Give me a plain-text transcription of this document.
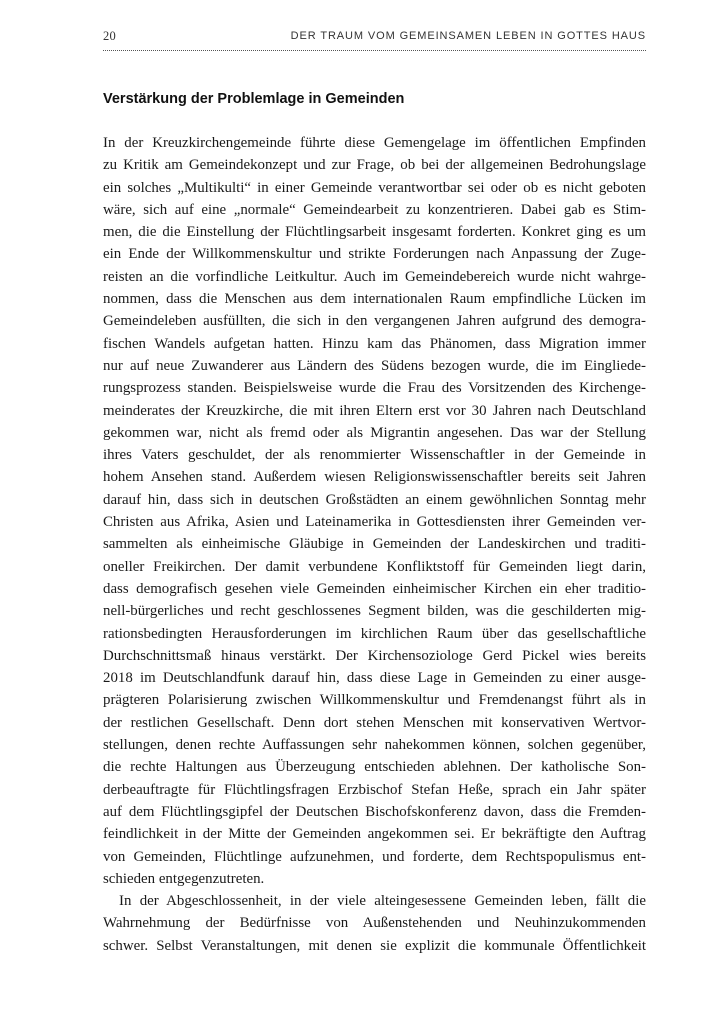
20	DER TRAUM VOM GEMEINSAMEN LEBEN IN GOTTES HAUS
Verstärkung der Problemlage in Gemeinden
In der Kreuzkirchengemeinde führte diese Gemengelage im öffentlichen Empfinden
zu Kritik am Gemeindekonzept und zur Frage, ob bei der allgemeinen Bedrohungslage
ein solches „Multikulti“ in einer Gemeinde verantwortbar sei oder ob es nicht geboten
wäre, sich auf eine „normale“ Gemeindearbeit zu konzentrieren. Dabei gab es Stim-
men, die die Einstellung der Flüchtlingsarbeit insgesamt forderten. Konkret ging es um
ein Ende der Willkommenskultur und strikte Forderungen nach Anpassung der Zuge-
reisten an die vorfindliche Leitkultur. Auch im Gemeindebereich wurde nicht wahrge-
nommen, dass die Menschen aus dem internationalen Raum empfindliche Lücken im
Gemeindeleben ausfüllten, die sich in den vergangenen Jahren aufgrund des demogra-
fischen Wandels aufgetan hatten. Hinzu kam das Phänomen, dass Migration immer
nur auf neue Zuwanderer aus Ländern des Südens bezogen wurde, die im Eingliede-
rungsprozess standen. Beispielsweise wurde die Frau des Vorsitzenden des Kirchenge-
meinderates der Kreuzkirche, die mit ihren Eltern erst vor 30 Jahren nach Deutschland
gekommen war, nicht als fremd oder als Migrantin angesehen. Das war der Stellung
ihres Vaters geschuldet, der als renommierter Wissenschaftler in der Gemeinde in
hohem Ansehen stand. Außerdem wiesen Religionswissenschaftler bereits seit Jahren
darauf hin, dass sich in deutschen Großstädten an einem gewöhnlichen Sonntag mehr
Christen aus Afrika, Asien und Lateinamerika in Gottesdiensten ihrer Gemeinden ver-
sammelten als einheimische Gläubige in Gemeinden der Landeskirchen und traditi-
oneller Freikirchen. Der damit verbundene Konfliktstoff für Gemeinden liegt darin,
dass demografisch gesehen viele Gemeinden einheimischer Kirchen ein eher traditio-
nell-bürgerliches und recht geschlossenes Segment bilden, was die geschilderten mig-
rationsbedingten Herausforderungen im kirchlichen Raum über das gesellschaftliche
Durchschnittsmaß hinaus verstärkt. Der Kirchensoziologe Gerd Pickel wies bereits
2018 im Deutschlandfunk darauf hin, dass diese Lage in Gemeinden zu einer ausge-
prägteren Polarisierung zwischen Willkommenskultur und Fremdenangst führt als in
der restlichen Gesellschaft. Denn dort stehen Menschen mit konservativen Wertvor-
stellungen, denen rechte Auffassungen sehr nahekommen können, solchen gegenüber,
die rechte Haltungen aus Überzeugung entschieden ablehnen. Der katholische Son-
derbeauftragte für Flüchtlingsfragen Erzbischof Stefan Heße, sprach ein Jahr später
auf dem Flüchtlingsgipfel der Deutschen Bischofskonferenz davon, dass die Fremden-
feindlichkeit in der Mitte der Gemeinden angekommen sei. Er bekräftigte den Auftrag
von Gemeinden, Flüchtlinge aufzunehmen, und forderte, dem Rechtspopulismus ent-
schieden entgegenzutreten.
In der Abgeschlossenheit, in der viele alteingesessene Gemeinden leben, fällt die
Wahrnehmung der Bedürfnisse von Außenstehenden und Neuhinzukommenden
schwer. Selbst Veranstaltungen, mit denen sie explizit die kommunale Öffentlichkeit
